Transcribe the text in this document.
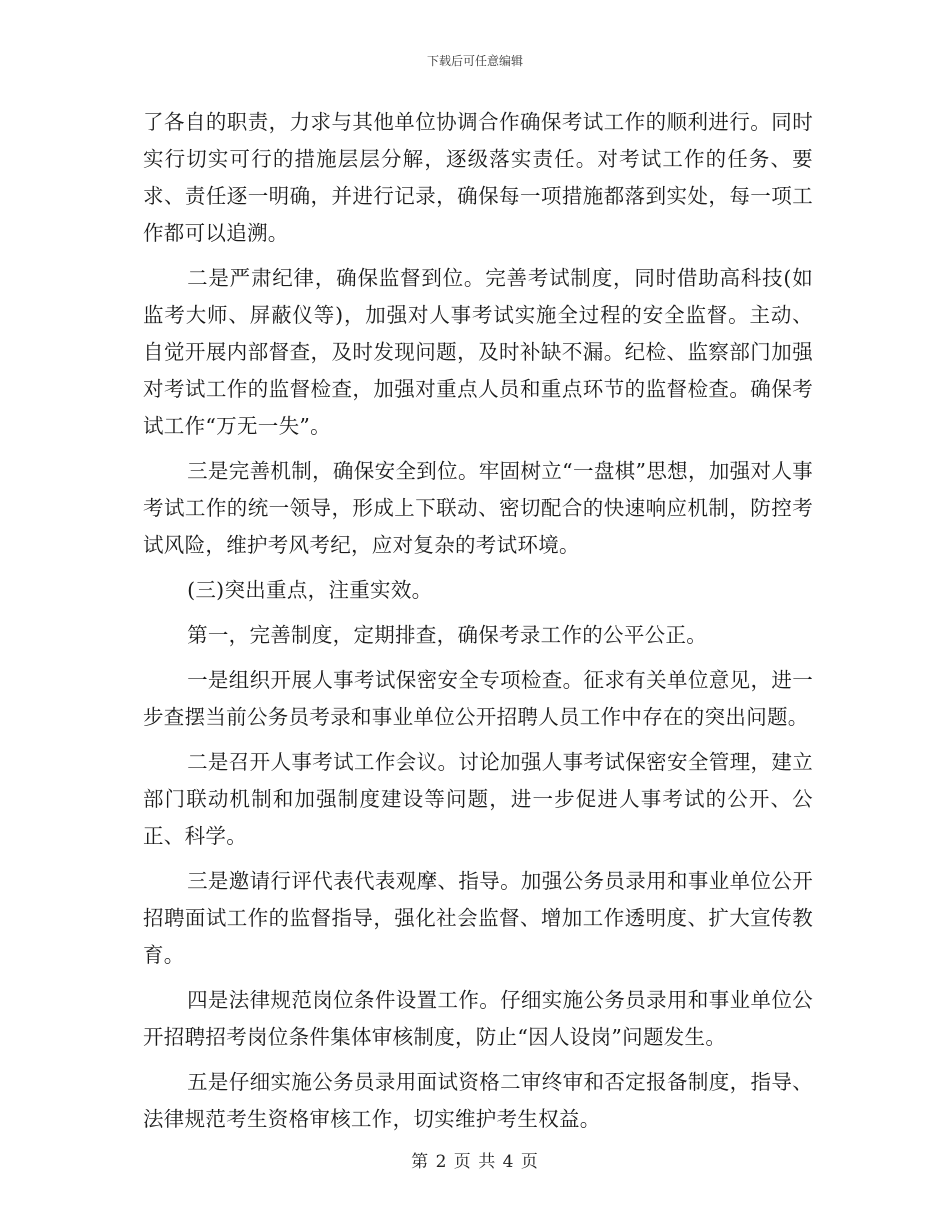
下载后可任意编辑

了各自的职责，力求与其他单位协调合作确保考试工作的顺利进行。同时实行切实可行的措施层层分解，逐级落实责任。对考试工作的任务、要求、责任逐一明确，并进行记录，确保每一项措施都落到实处，每一项工作都可以追溯。

二是严肃纪律，确保监督到位。完善考试制度，同时借助高科技(如监考大师、屏蔽仪等)，加强对人事考试实施全过程的安全监督。主动、自觉开展内部督查，及时发现问题，及时补缺不漏。纪检、监察部门加强对考试工作的监督检查，加强对重点人员和重点环节的监督检查。确保考试工作“万无一失”。

三是完善机制，确保安全到位。牢固树立“一盘棋”思想，加强对人事考试工作的统一领导，形成上下联动、密切配合的快速响应机制，防控考试风险，维护考风考纪，应对复杂的考试环境。

(三)突出重点，注重实效。

第一，完善制度，定期排查，确保考录工作的公平公正。

一是组织开展人事考试保密安全专项检查。征求有关单位意见，进一步查摆当前公务员考录和事业单位公开招聘人员工作中存在的突出问题。

二是召开人事考试工作会议。讨论加强人事考试保密安全管理，建立部门联动机制和加强制度建设等问题，进一步促进人事考试的公开、公正、科学。

三是邀请行评代表代表观摩、指导。加强公务员录用和事业单位公开招聘面试工作的监督指导，强化社会监督、增加工作透明度、扩大宣传教育。

四是法律规范岗位条件设置工作。仔细实施公务员录用和事业单位公开招聘招考岗位条件集体审核制度，防止“因人设岗”问题发生。

五是仔细实施公务员录用面试资格二审终审和否定报备制度，指导、法律规范考生资格审核工作，切实维护考生权益。

第 2 页 共 4 页
